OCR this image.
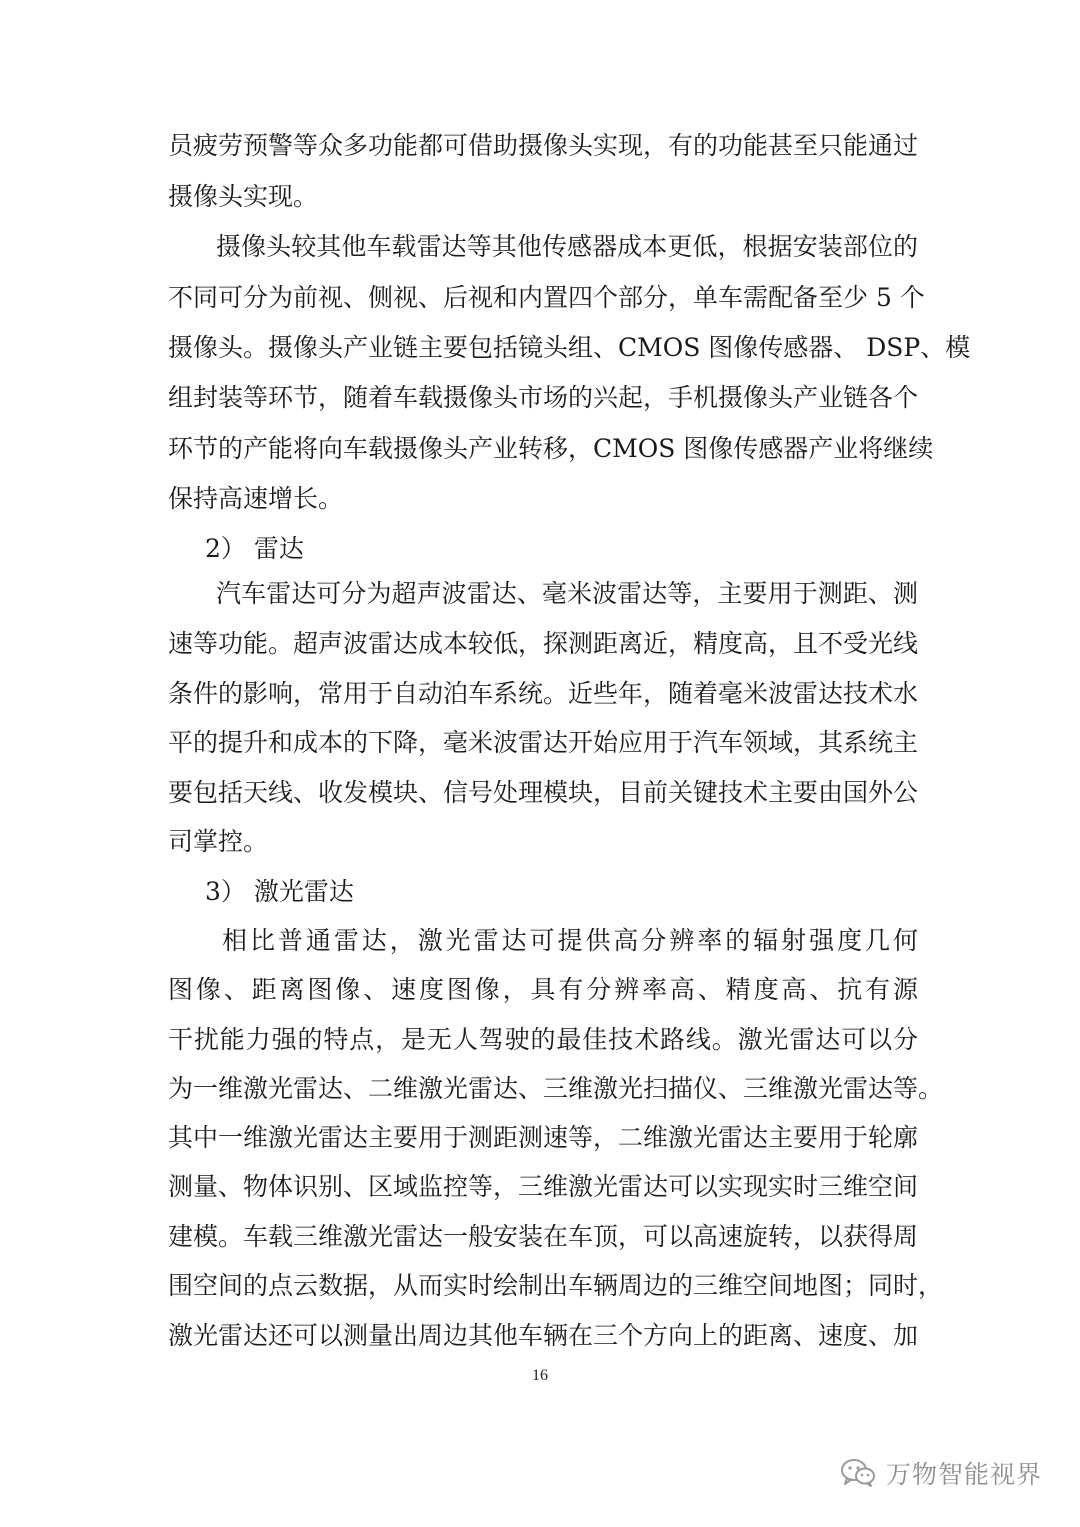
员疲劳预警等众多功能都可借助摄像头实现，有的功能甚至只能通过
摄像头实现。
摄像头较其他车载雷达等其他传感器成本更低，根据安装部位的
不同可分为前视、侧视、后视和内置四个部分，单车需配备至少 5 个
摄像头。摄像头产业链主要包括镜头组、CMOS 图像传感器、 DSP、模
组封装等环节，随着车载摄像头市场的兴起，手机摄像头产业链各个
环节的产能将向车载摄像头产业转移，CMOS 图像传感器产业将继续
保持高速增长。
2） 雷达
汽车雷达可分为超声波雷达、毫米波雷达等，主要用于测距、测
速等功能。超声波雷达成本较低，探测距离近，精度高，且不受光线
条件的影响，常用于自动泊车系统。近些年，随着毫米波雷达技术水
平的提升和成本的下降，毫米波雷达开始应用于汽车领域，其系统主
要包括天线、收发模块、信号处理模块，目前关键技术主要由国外公
司掌控。
3） 激光雷达
相比普通雷达，激光雷达可提供高分辨率的辐射强度几何
图像、距离图像、速度图像，具有分辨率高、精度高、抗有源
干扰能力强的特点，是无人驾驶的最佳技术路线。激光雷达可以分
为一维激光雷达、二维激光雷达、三维激光扫描仪、三维激光雷达等。
其中一维激光雷达主要用于测距测速等，二维激光雷达主要用于轮廓
测量、物体识别、区域监控等，三维激光雷达可以实现实时三维空间
建模。车载三维激光雷达一般安装在车顶，可以高速旋转，以获得周
围空间的点云数据，从而实时绘制出车辆周边的三维空间地图；同时，
激光雷达还可以测量出周边其他车辆在三个方向上的距离、速度、加
16
万物智能视界
